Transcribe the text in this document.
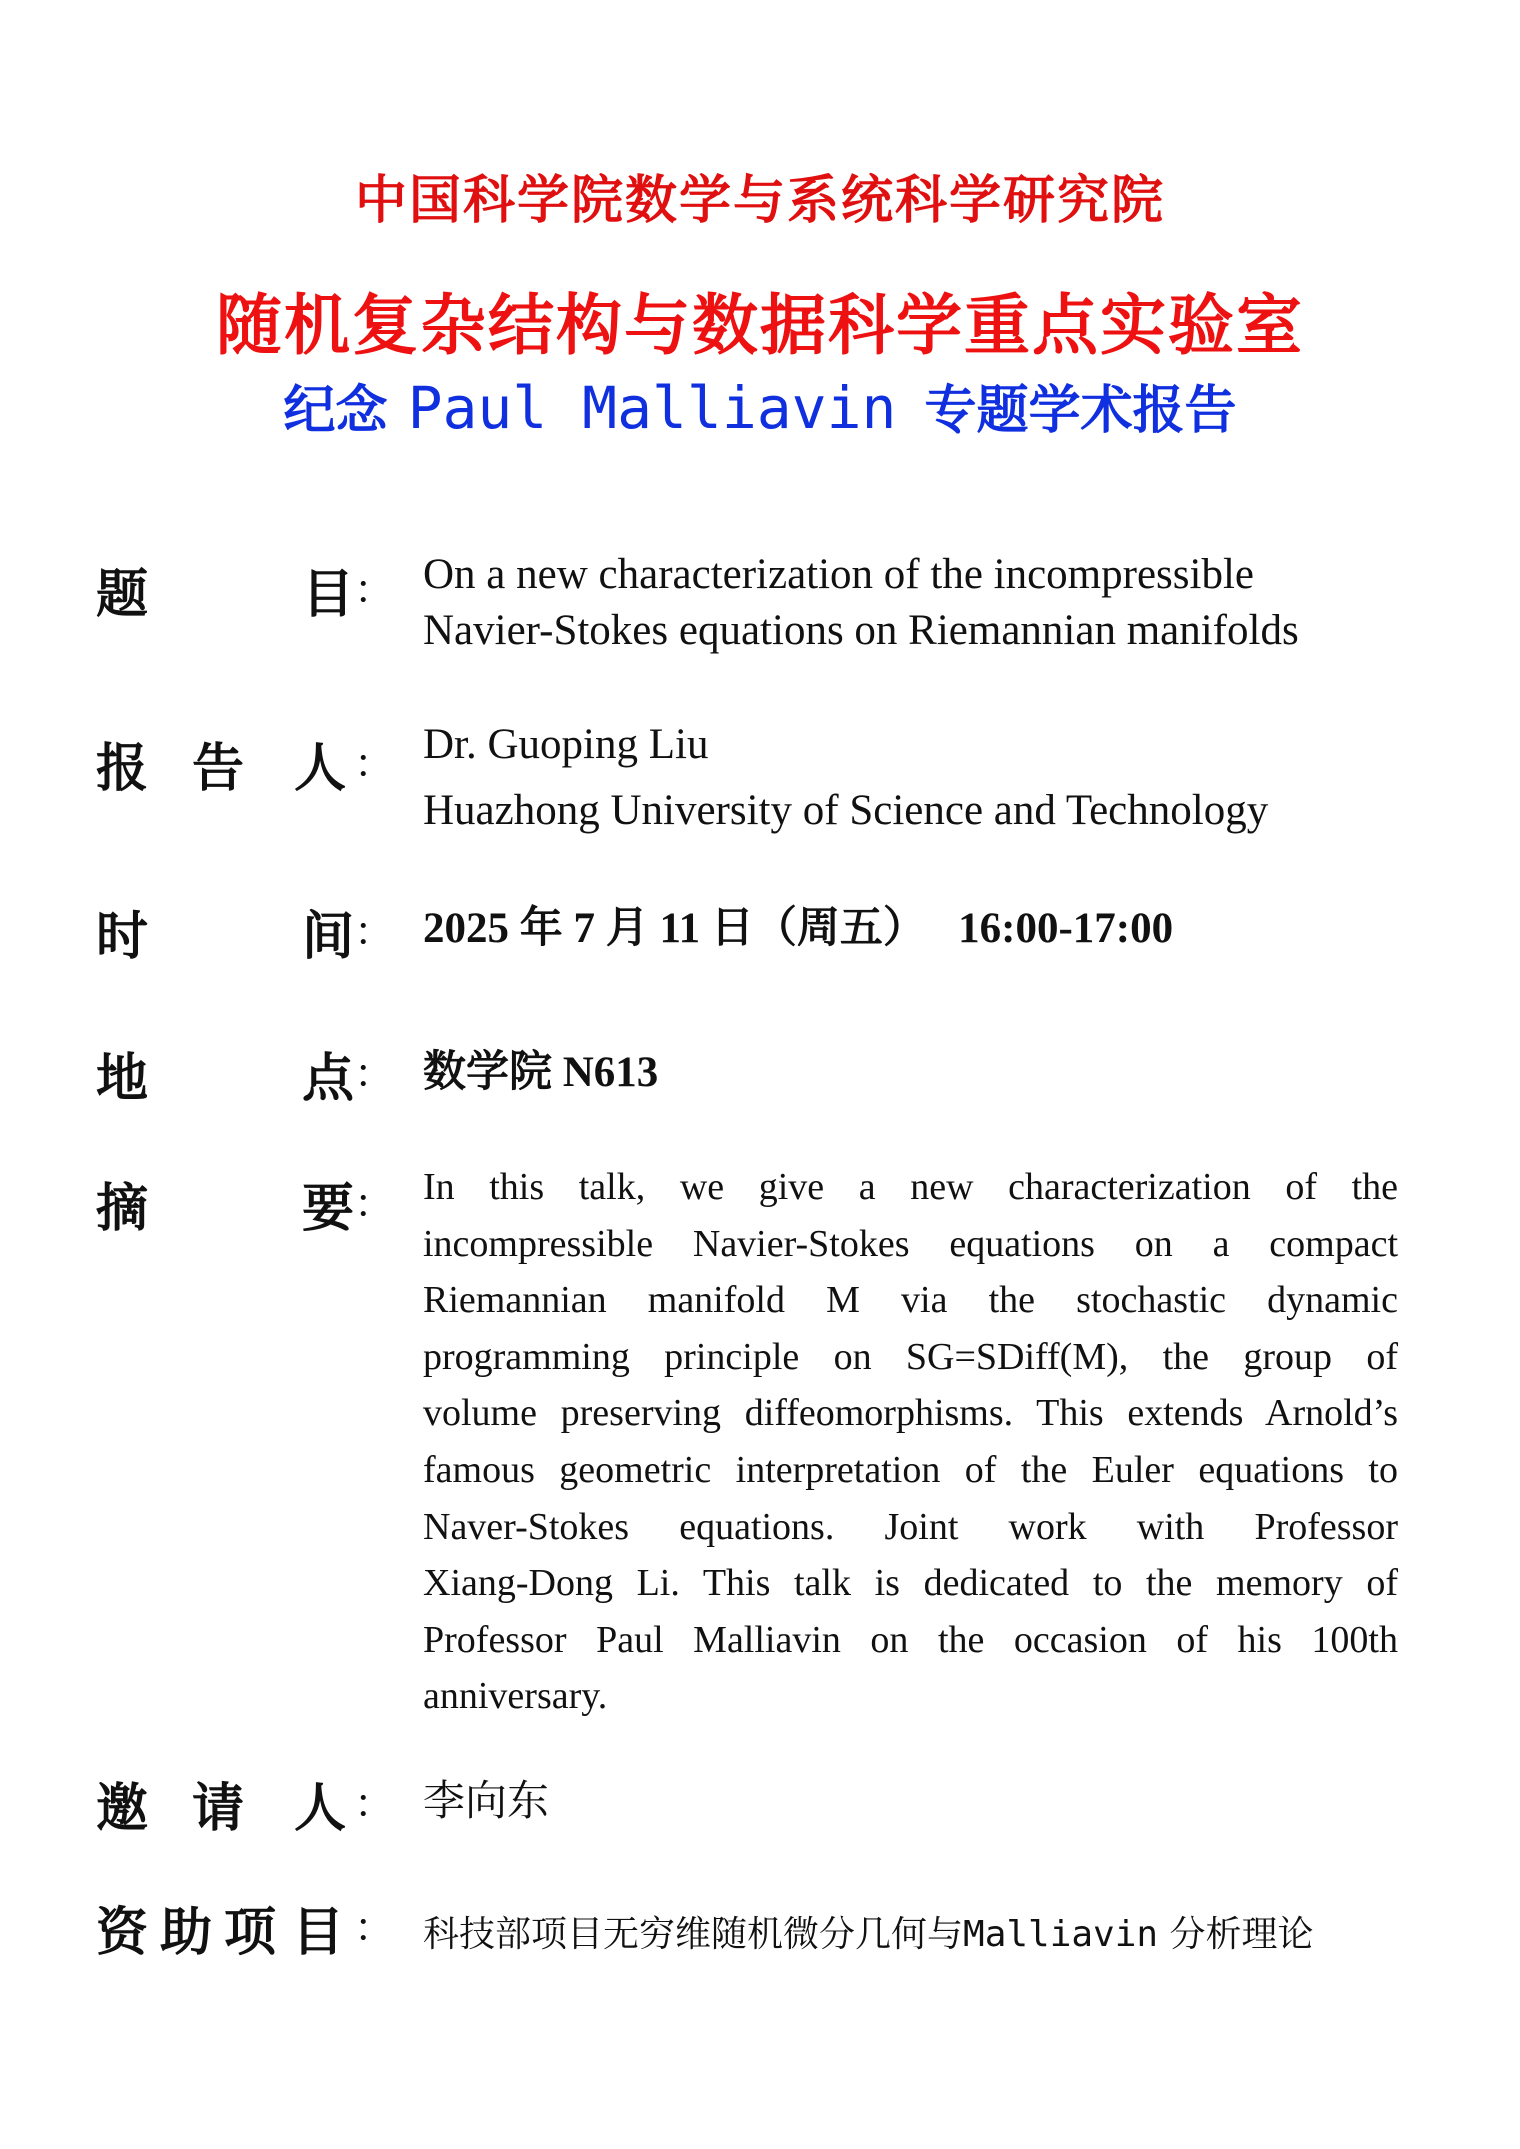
中国科学院数学与系统科学研究院
随机复杂结构与数据科学重点实验室
纪念 Paul Malliavin 专题学术报告
题	目 ： On a new characterization of the incompressible
Navier-Stokes equations on Riemannian manifolds
报 告 人 ： Dr. Guoping Liu
Huazhong University of Science and Technology
时	间 ： 2025 年 7 月 11 日（周五）   16:00-17:00
地	点 ： 数学院 N613
摘	要 ： In this talk, we give a new characterization of the
incompressible Navier-Stokes equations on a compact
Riemannian manifold M via the stochastic dynamic
programming principle on SG=SDiff(M), the group of
volume preserving diffeomorphisms. This extends Arnold’s
famous geometric interpretation of the Euler equations to
Naver-Stokes equations. Joint work with Professor
Xiang-Dong Li. This talk is dedicated to the memory of
Professor Paul Malliavin on the occasion of his 100th
anniversary.
邀 请 人 ： 李向东
资 助 项 目 ： 科技部项目无穷维随机微分几何与Malliavin 分析理论
